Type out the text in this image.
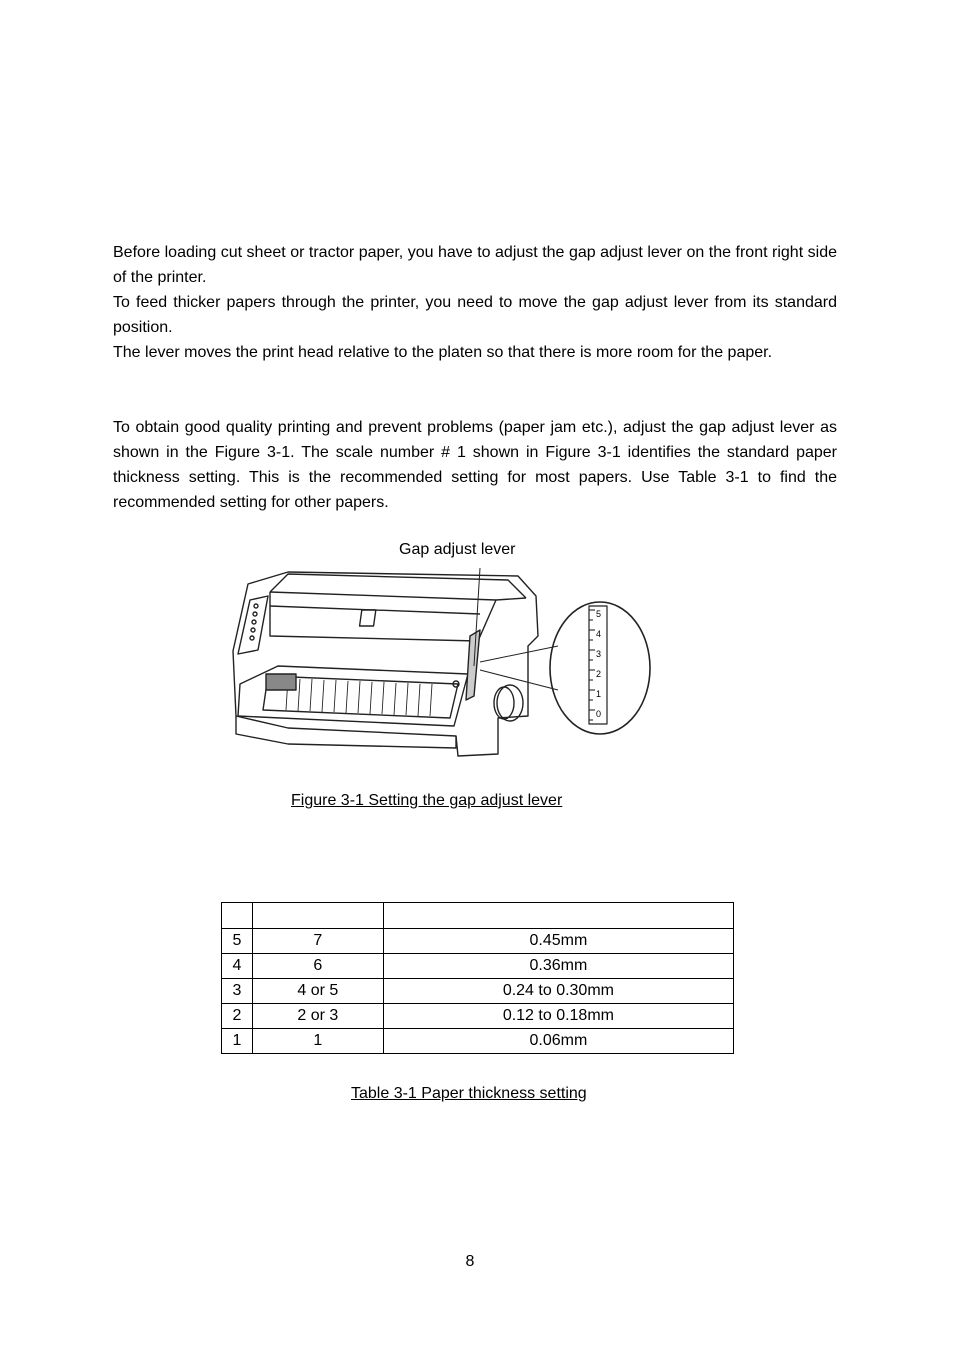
Before loading cut sheet or tractor paper, you have to adjust the gap adjust lever on the front right side of the printer.
To feed thicker papers through the printer, you need to move the gap adjust lever from its standard position.
The lever moves the print head relative to the platen so that there is more room for the paper.

To obtain good quality printing and prevent problems (paper jam etc.), adjust the gap adjust lever as shown in the Figure 3-1. The scale number # 1 shown in Figure 3-1 identifies the standard paper thickness setting. This is the recommended setting for most papers. Use Table 3-1 to find the recommended setting for other papers.

Gap adjust lever
5
4
3
2
1
0
Figure 3-1 Setting the gap adjust lever

5	7	0.45mm
4	6	0.36mm
3	4 or 5	0.24 to 0.30mm
2	2 or 3	0.12 to 0.18mm
1	1	0.06mm
Table 3-1 Paper thickness setting
8
